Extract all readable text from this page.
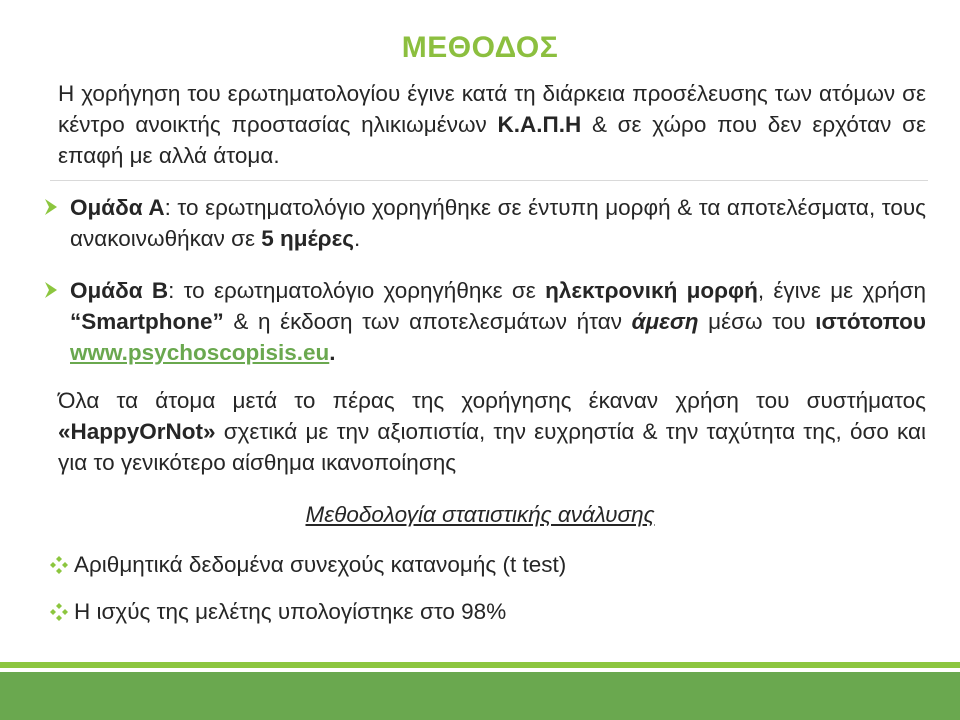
ΜΕΘΟΔΟΣ
Η χορήγηση του ερωτηματολογίου έγινε κατά τη διάρκεια προσέλευσης των ατόμων σε κέντρο ανοικτής προστασίας ηλικιωμένων Κ.Α.Π.Η & σε χώρο που δεν ερχόταν σε επαφή με αλλά άτομα.
Ομάδα Α: το ερωτηματολόγιο χορηγήθηκε σε έντυπη μορφή & τα αποτελέσματα, τους ανακοινωθήκαν σε 5 ημέρες.
Ομάδα Β: το ερωτηματολόγιο χορηγήθηκε σε ηλεκτρονική μορφή, έγινε με χρήση “Smartphone” & η έκδοση των αποτελεσμάτων ήταν άμεση μέσω του ιστότοπου www.psychoscopisis.eu.
Όλα τα άτομα μετά το πέρας της χορήγησης έκαναν χρήση του συστήματος «HappyOrNot» σχετικά με την αξιοπιστία, την ευχρηστία & την ταχύτητα της, όσο και για το γενικότερο αίσθημα ικανοποίησης
Μεθοδολογία στατιστικής ανάλυσης
Αριθμητικά δεδομένα συνεχούς κατανομής (t test)
Η ισχύς της μελέτης υπολογίστηκε στο 98%
